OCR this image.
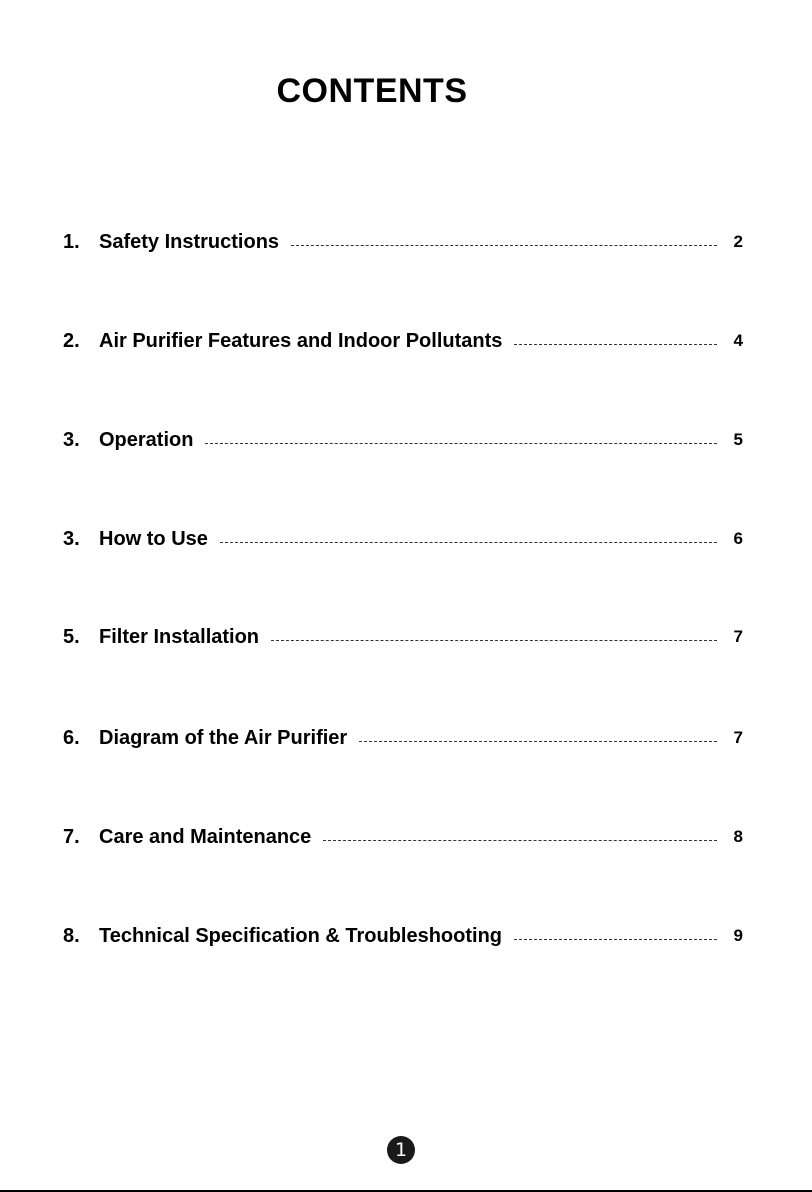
CONTENTS
1. Safety Instructions	2
2. Air Purifier Features and Indoor Pollutants	4
3. Operation	5
3. How to Use	6
5. Filter Installation	7
6. Diagram of the Air Purifier	7
7. Care and Maintenance	8
8. Technical Specification & Troubleshooting	9
1
